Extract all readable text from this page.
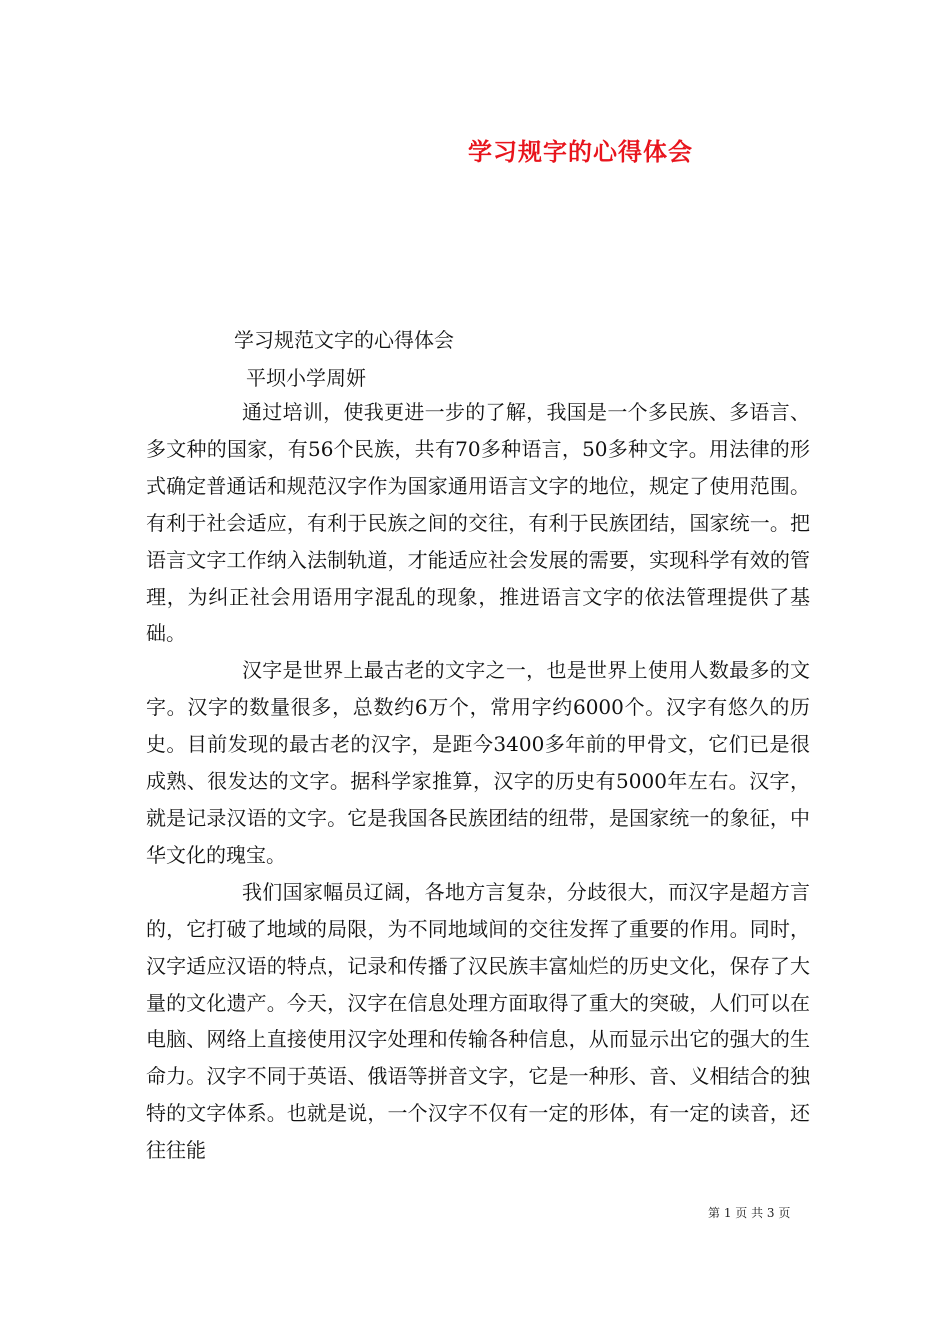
学习规字的心得体会
学习规范文字的心得体会
平坝小学周妍

通过培训，使我更进一步的了解，我国是一个多民族、多语言、多文种的国家，有56个民族，共有70多种语言，50多种文字。用法律的形式确定普通话和规范汉字作为国家通用语言文字的地位，规定了使用范围。有利于社会适应，有利于民族之间的交往，有利于民族团结，国家统一。把语言文字工作纳入法制轨道，才能适应社会发展的需要，实现科学有效的管理，为纠正社会用语用字混乱的现象，推进语言文字的依法管理提供了基础。

汉字是世界上最古老的文字之一，也是世界上使用人数最多的文字。汉字的数量很多，总数约6万个，常用字约6000个。汉字有悠久的历史。目前发现的最古老的汉字，是距今3400多年前的甲骨文，它们已是很成熟、很发达的文字。据科学家推算，汉字的历史有5000年左右。汉字，就是记录汉语的文字。它是我国各民族团结的纽带，是国家统一的象征，中华文化的瑰宝。

我们国家幅员辽阔，各地方言复杂，分歧很大，而汉字是超方言的，它打破了地域的局限，为不同地域间的交往发挥了重要的作用。同时，汉字适应汉语的特点，记录和传播了汉民族丰富灿烂的历史文化，保存了大量的文化遗产。今天，汉字在信息处理方面取得了重大的突破，人们可以在电脑、网络上直接使用汉字处理和传输各种信息，从而显示出它的强大的生命力。汉字不同于英语、俄语等拼音文字，它是一种形、音、义相结合的独特的文字体系。也就是说，一个汉字不仅有一定的形体，有一定的读音，还往往能

第 1 页 共 3 页
